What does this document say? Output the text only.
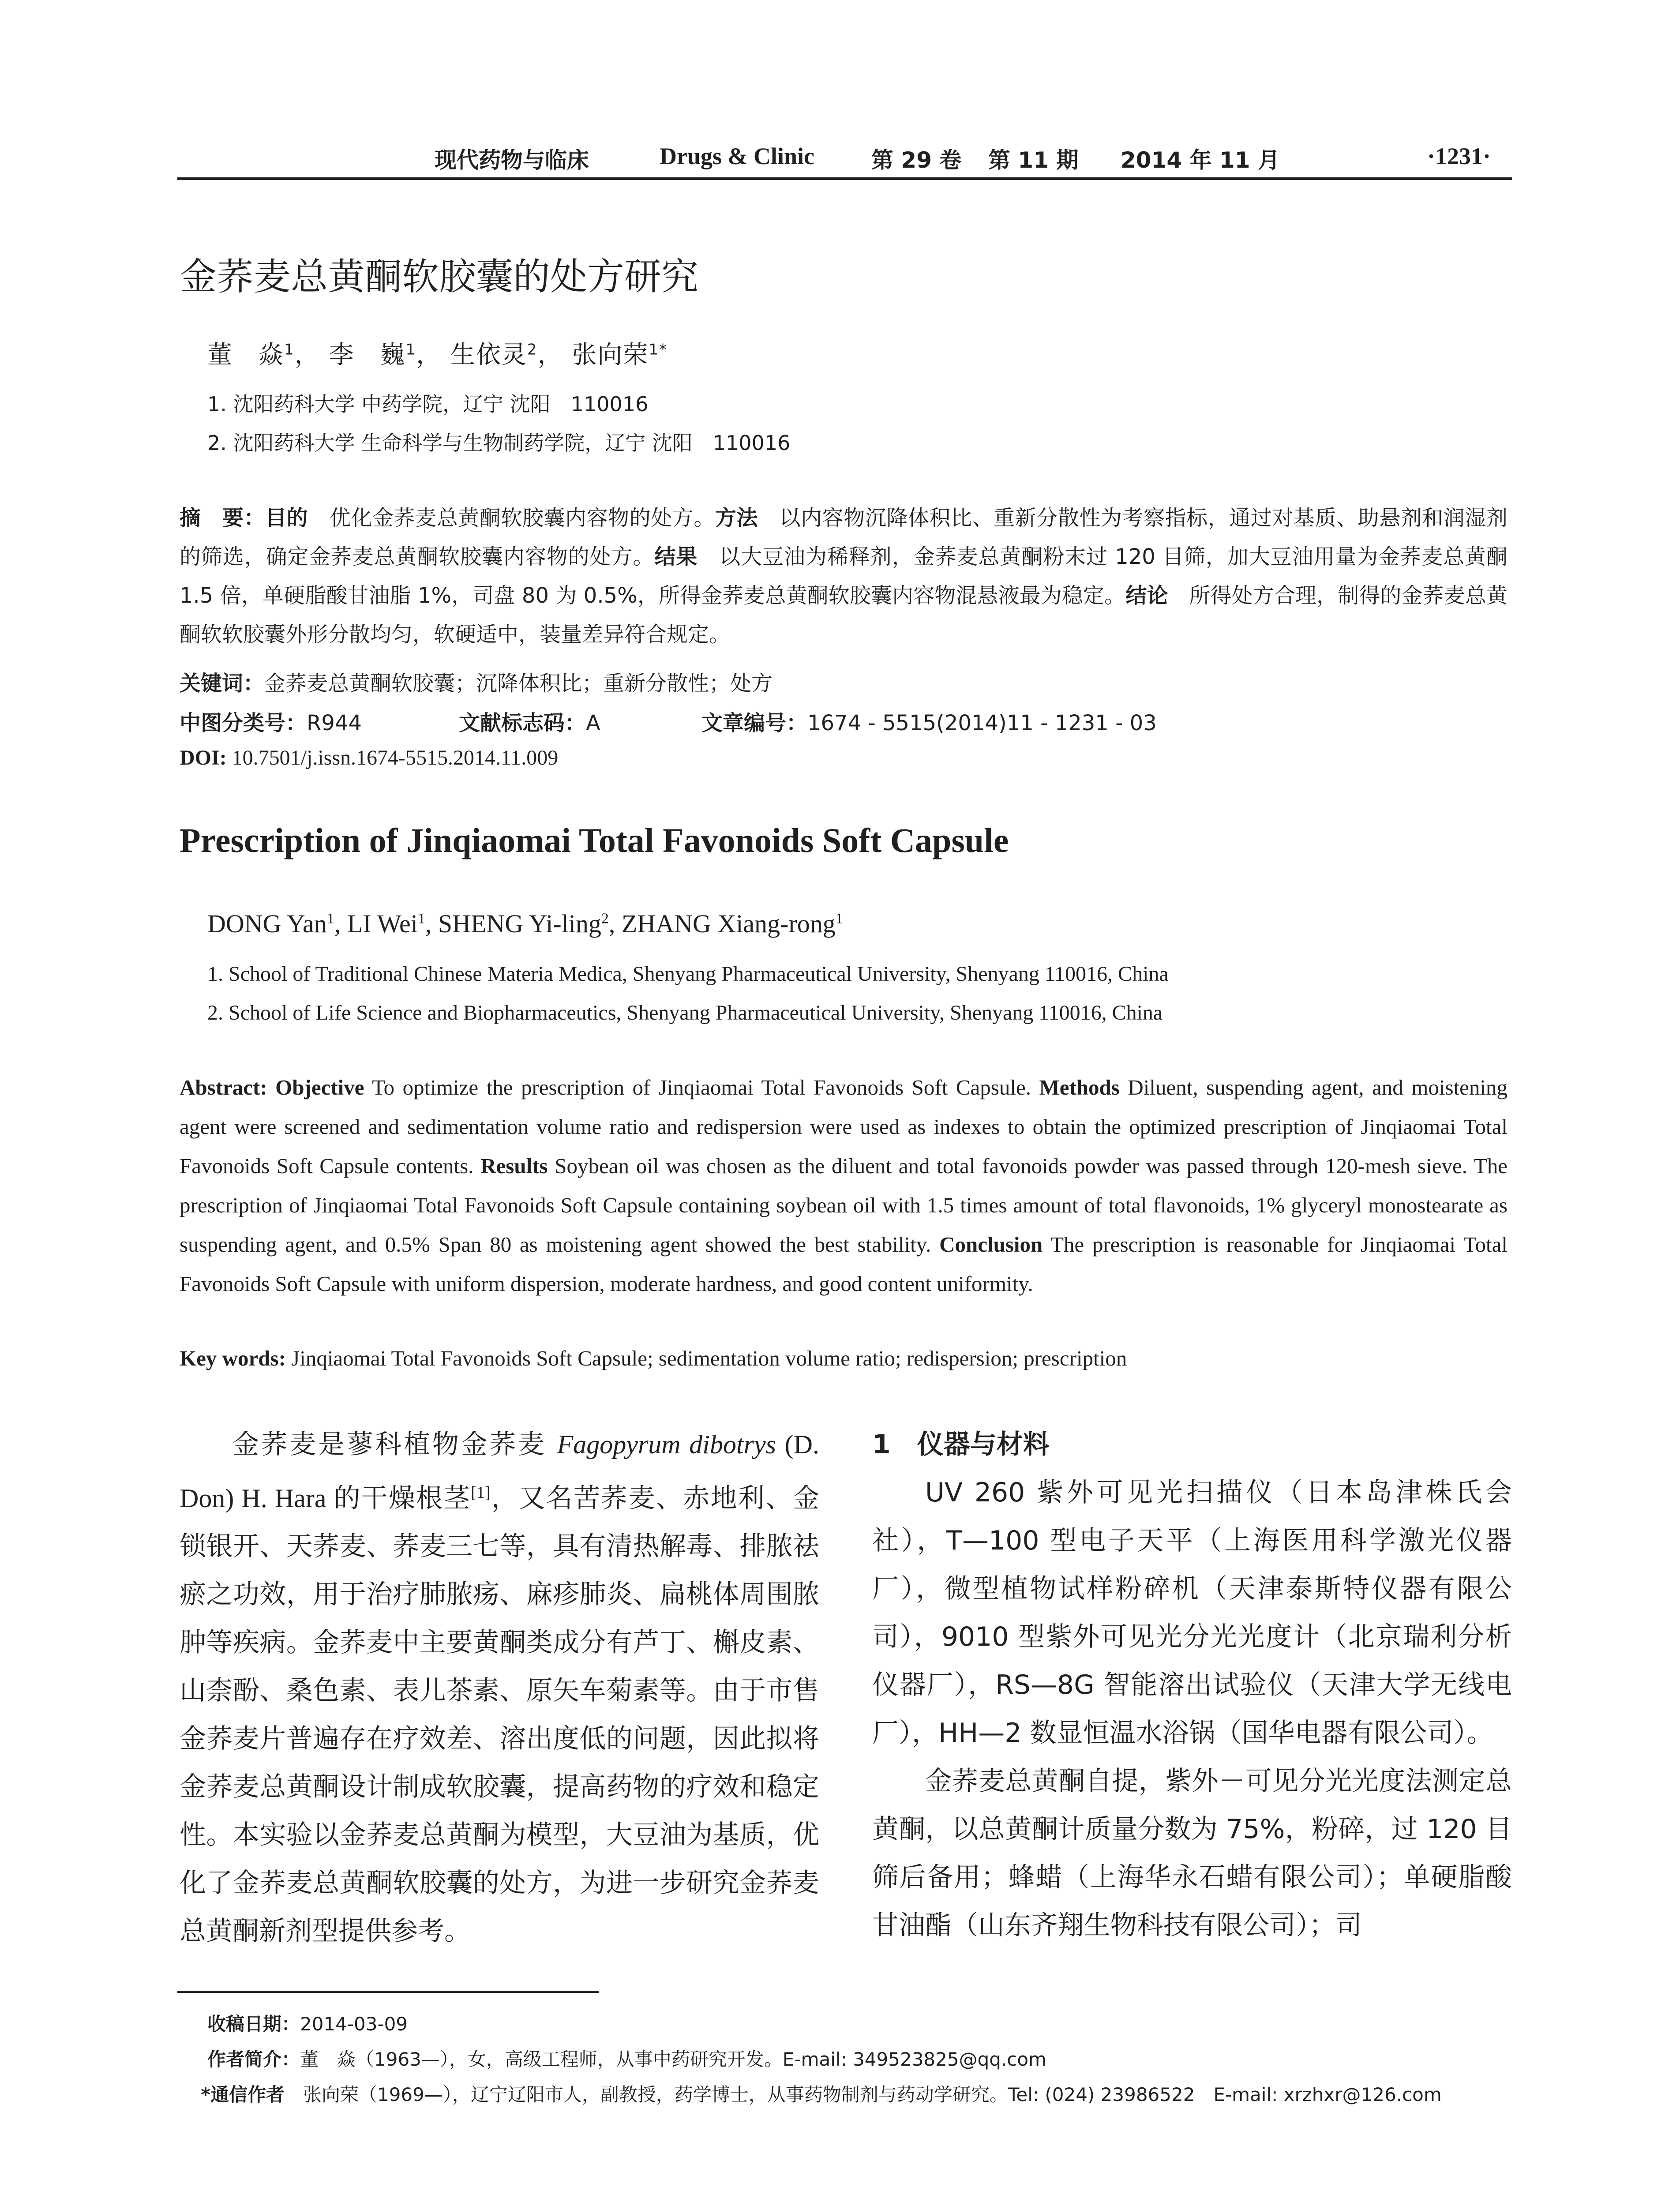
现代药物与临床	Drugs & Clinic	第 29 卷 第 11 期 2014 年 11 月	·1231·
金荞麦总黄酮软胶囊的处方研究
董　焱$^1$， 李　巍$^1$， 生依灵$^2$， 张向荣$^{1*}$
1. 沈阳药科大学 中药学院，辽宁 沈阳　110016
2. 沈阳药科大学 生命科学与生物制药学院，辽宁 沈阳　110016
摘　要：目的　优化金荞麦总黄酮软胶囊内容物的处方。方法　以内容物沉降体积比、重新分散性为考察指标，通过对基质、助悬剂和润湿剂的筛选，确定金荞麦总黄酮软胶囊内容物的处方。结果　以大豆油为稀释剂，金荞麦总黄酮粉末过 120 目筛，加大豆油用量为金荞麦总黄酮 1.5 倍，单硬脂酸甘油脂 1%，司盘 80 为 0.5%，所得金荞麦总黄酮软胶囊内容物混悬液最为稳定。结论　所得处方合理，制得的金荞麦总黄酮软软胶囊外形分散均匀，软硬适中，装量差异符合规定。
关键词：金荞麦总黄酮软胶囊；沉降体积比；重新分散性；处方
中图分类号：R944	文献标志码：A	文章编号：1674 - 5515(2014)11 - 1231 - 03
DOI: 10.7501/j.issn.1674-5515.2014.11.009
Prescription of Jinqiaomai Total Favonoids Soft Capsule
DONG Yan$^1$, LI Wei$^1$, SHENG Yi-ling$^2$, ZHANG Xiang-rong$^1$
1. School of Traditional Chinese Materia Medica, Shenyang Pharmaceutical University, Shenyang 110016, China
2. School of Life Science and Biopharmaceutics, Shenyang Pharmaceutical University, Shenyang 110016, China
Abstract: Objective To optimize the prescription of Jinqiaomai Total Favonoids Soft Capsule. Methods Diluent, suspending agent, and moistening agent were screened and sedimentation volume ratio and redispersion were used as indexes to obtain the optimized prescription of Jinqiaomai Total Favonoids Soft Capsule contents. Results Soybean oil was chosen as the diluent and total favonoids powder was passed through 120-mesh sieve. The prescription of Jinqiaomai Total Favonoids Soft Capsule containing soybean oil with 1.5 times amount of total flavonoids, 1% glyceryl monostearate as suspending agent, and 0.5% Span 80 as moistening agent showed the best stability. Conclusion The prescription is reasonable for Jinqiaomai Total Favonoids Soft Capsule with uniform dispersion, moderate hardness, and good content uniformity.
Key words: Jinqiaomai Total Favonoids Soft Capsule; sedimentation volume ratio; redispersion; prescription

金荞麦是蓼科植物金荞麦 Fagopyrum dibotrys (D. Don) H. Hara 的干燥根茎[1]，又名苦荞麦、赤地利、金锁银开、天荞麦、荞麦三七等，具有清热解毒、排脓祛瘀之功效，用于治疗肺脓疡、麻疹肺炎、扁桃体周围脓肿等疾病。金荞麦中主要黄酮类成分有芦丁、槲皮素、山柰酚、桑色素、表儿茶素、原矢车菊素等。由于市售金荞麦片普遍存在疗效差、溶出度低的问题，因此拟将金荞麦总黄酮设计制成软胶囊，提高药物的疗效和稳定性。本实验以金荞麦总黄酮为模型，大豆油为基质，优化了金荞麦总黄酮软胶囊的处方，为进一步研究金荞麦总黄酮新剂型提供参考。

1　仪器与材料

UV 260 紫外可见光扫描仪（日本岛津株氏会社），T—100 型电子天平（上海医用科学激光仪器厂），微型植物试样粉碎机（天津泰斯特仪器有限公司），9010 型紫外可见光分光光度计（北京瑞利分析仪器厂），RS—8G 智能溶出试验仪（天津大学无线电厂），HH—2 数显恒温水浴锅（国华电器有限公司）。

金荞麦总黄酮自提，紫外－可见分光光度法测定总黄酮，以总黄酮计质量分数为 75%，粉碎，过 120 目筛后备用；蜂蜡（上海华永石蜡有限公司）；单硬脂酸甘油酯（山东齐翔生物科技有限公司）；司

收稿日期：2014-03-09
作者简介：董　焱（1963—），女，高级工程师，从事中药研究开发。E-mail: 349523825@qq.com
*通信作者　张向荣（1969—），辽宁辽阳市人，副教授，药学博士，从事药物制剂与药动学研究。Tel: (024) 23986522　E-mail: xrzhxr@126.com
